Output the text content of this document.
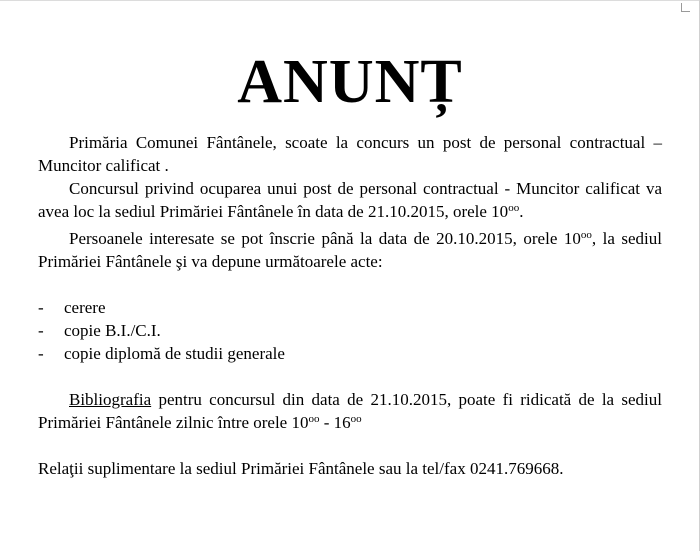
ANUNȚ

Primăria Comunei Fântânele, scoate la concurs un post de personal contractual – Muncitor calificat .

Concursul privind ocuparea unui post de personal contractual - Muncitor calificat va avea loc la sediul Primăriei Fântânele în data de 21.10.2015, orele $10^{oo}$.

Persoanele interesate se pot înscrie până la data de 20.10.2015, orele $10^{oo}$, la sediul Primăriei Fântânele şi va depune următoarele acte:

- cerere
- copie B.I./C.I.
- copie diplomă de studii generale

Bibliografia pentru concursul din data de 21.10.2015, poate fi ridicată de la sediul Primăriei Fântânele zilnic între orele $10^{oo} - 16^{oo}$

Relaţii suplimentare la sediul Primăriei Fântânele sau la tel/fax 0241.769668.
